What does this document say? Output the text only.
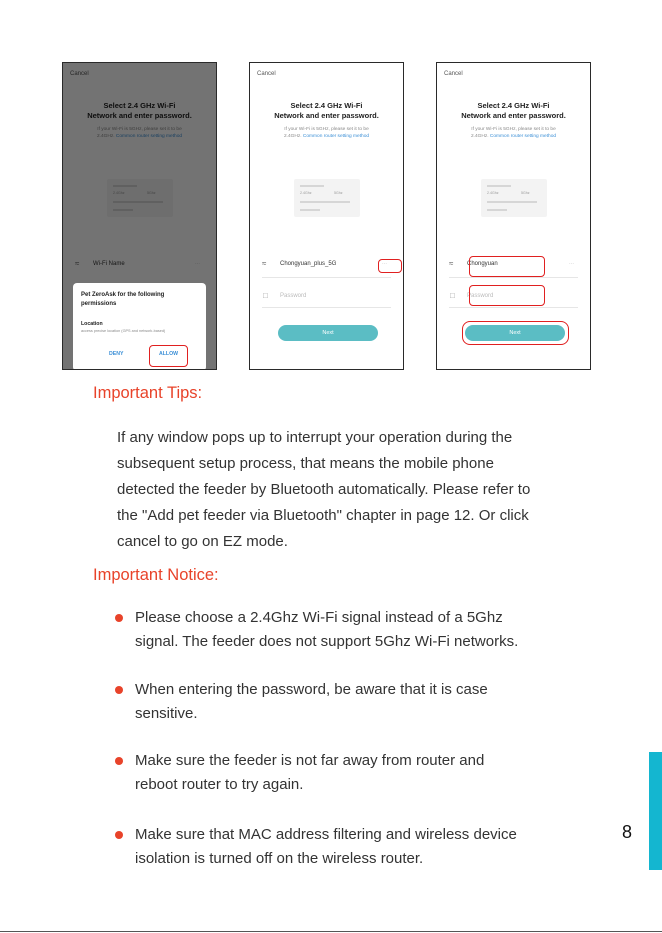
Pet ZeroAsk for the following permissions
Location
access precise location (GPS and network-based)
DENY	ALLOW
Cancel
Select 2.4 GHz Wi-Fi
Network and enter password.
If your Wi-Fi is 5GHz, please set it to be
2.4GHz. Common router setting method
2.4Ghz	5Ghz
≈ Chongyuan_plus_5G	⋯
□ Password
Next
Cancel
Select 2.4 GHz Wi-Fi
Network and enter password.
If your Wi-Fi is 5GHz, please set it to be
2.4GHz. Common router setting method
2.4Ghz	5Ghz
≈ Chongyuan	⋯
□ Password
Next
Important Tips:
If any window pops up to interrupt your operation during the
subsequent setup process, that means the mobile phone
detected the feeder by Bluetooth automatically. Please refer to
the "Add pet feeder via Bluetooth" chapter in page 12. Or click
cancel to go on EZ mode.
Important Notice:
Please choose a 2.4Ghz Wi-Fi signal instead of a 5Ghz
signal. The feeder does not support 5Ghz Wi-Fi networks.
When entering the password, be aware that it is case
sensitive.
Make sure the feeder is not far away from router and
reboot router to try again.
Make sure that MAC address filtering and wireless device
isolation is turned off on the wireless router.
8
